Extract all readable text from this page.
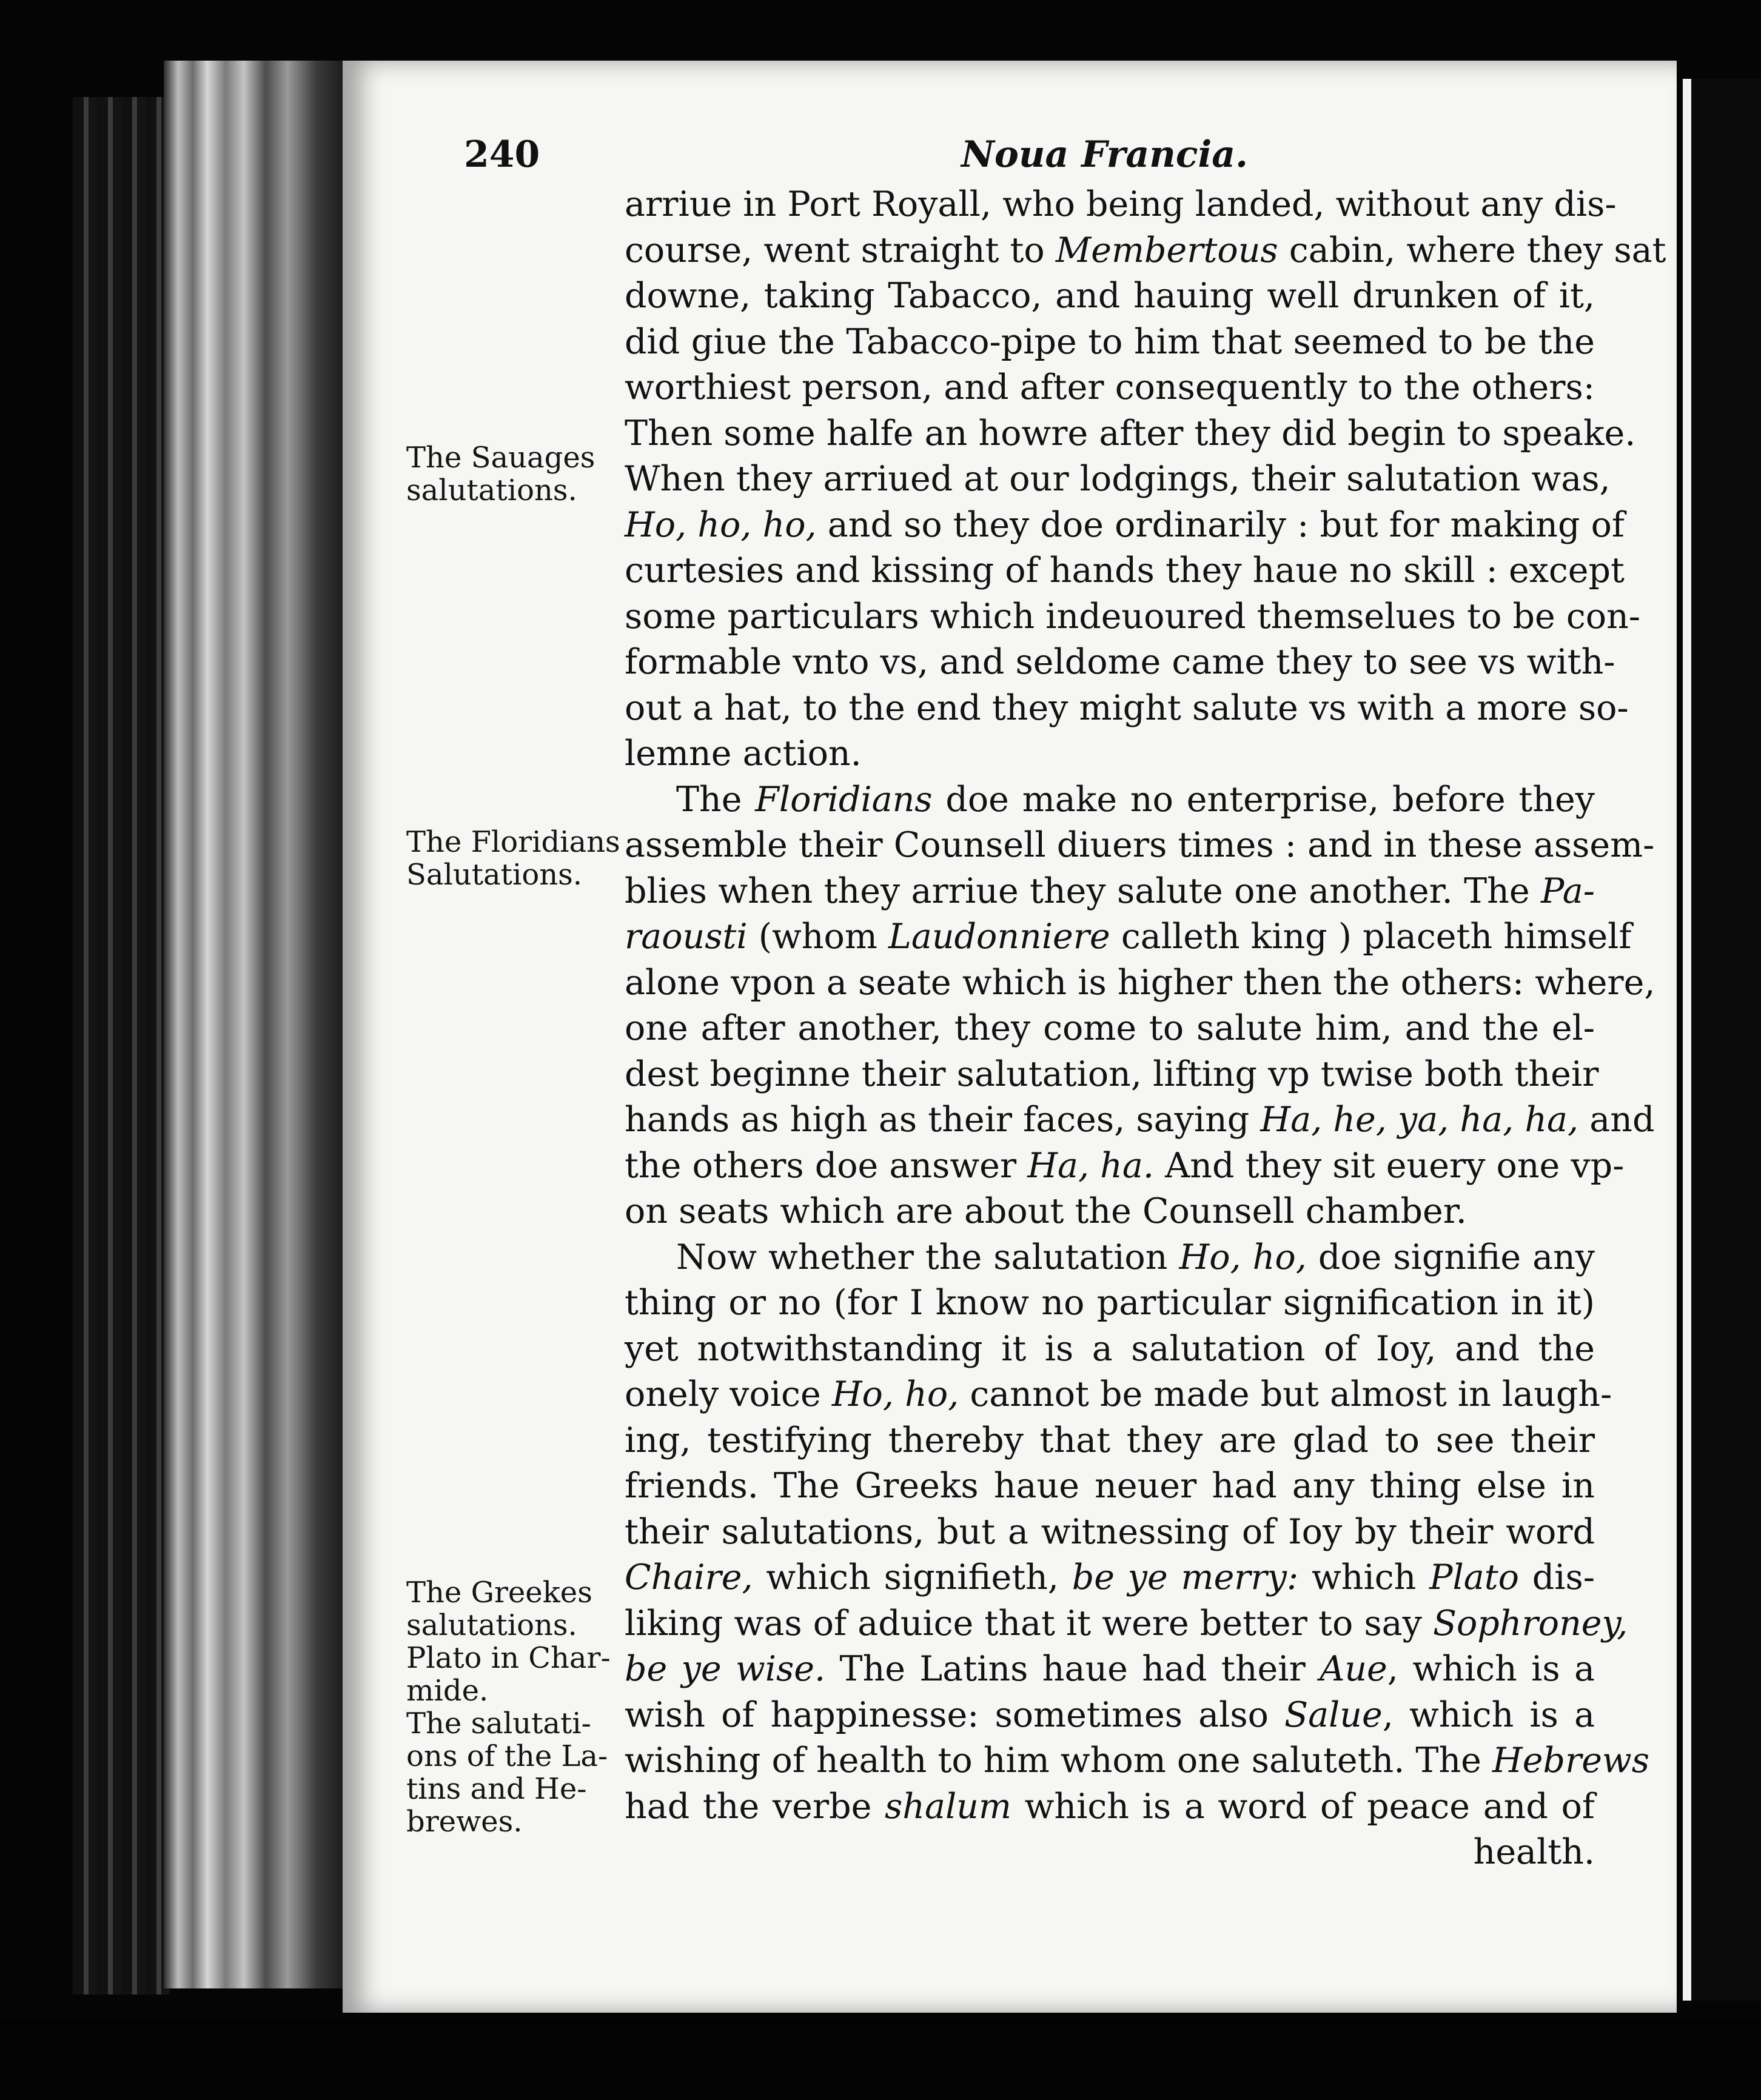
240	Noua Francia.
The Sauages
salutations.
The Floridians
Salutations.
The Greekes
salutations.
Plato in Char-
mide.
The salutati-
ons of the La-
tins and He-
brewes.
arriue in Port Royall, who being landed, without any dis-
course, went straight to Membertous cabin, where they sat
downe, taking Tabacco, and hauing well drunken of it,
did giue the Tabacco-pipe to him that seemed to be the
worthiest person, and after consequently to the others:
Then some halfe an howre after they did begin to speake.
When they arriued at our lodgings, their salutation was,
Ho, ho, ho, and so they doe ordinarily : but for making of
curtesies and kissing of hands they haue no skill : except
some particulars which indeuoured themselues to be con-
formable vnto vs, and seldome came they to see vs with-
out a hat, to the end they might salute vs with a more so-
lemne action.
The Floridians doe make no enterprise, before they
assemble their Counsell diuers times : and in these assem-
blies when they arriue they salute one another. The Pa-
raousti (whom Laudonniere calleth king ) placeth himself
alone vpon a seate which is higher then the others: where,
one after another, they come to salute him, and the el-
dest beginne their salutation, lifting vp twise both their
hands as high as their faces, saying Ha, he, ya, ha, ha, and
the others doe answer Ha, ha. And they sit euery one vp-
on seats which are about the Counsell chamber.
Now whether the salutation Ho, ho, doe signifie any
thing or no (for I know no particular signification in it)
yet notwithstanding it is a salutation of Ioy, and the
onely voice Ho, ho, cannot be made but almost in laugh-
ing, testifying thereby that they are glad to see their
friends. The Greeks haue neuer had any thing else in
their salutations, but a witnessing of Ioy by their word
Chaire, which signifieth, be ye merry: which Plato dis-
liking was of aduice that it were better to say Sophroney,
be ye wise. The Latins haue had their Aue, which is a
wish of happinesse: sometimes also Salue, which is a
wishing of health to him whom one saluteth. The Hebrews
had the verbe shalum which is a word of peace and of
health.
